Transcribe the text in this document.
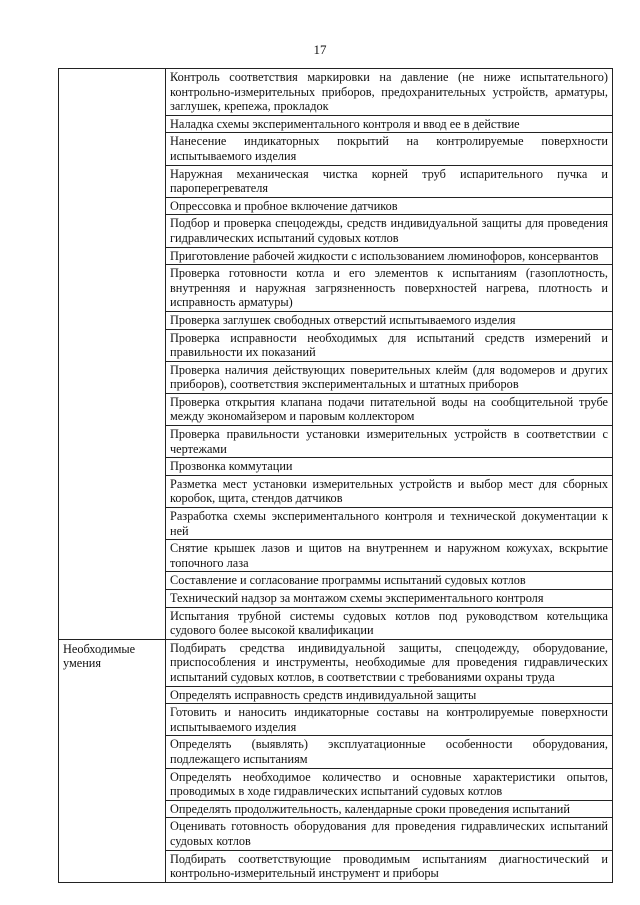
17
	Контроль соответствия маркировки на давление (не ниже испытательного) контрольно-измерительных приборов, предохранительных устройств, арматуры, заглушек, крепежа, прокладок
	Наладка схемы экспериментального контроля и ввод ее в действие
	Нанесение индикаторных покрытий на контролируемые поверхности испытываемого изделия
	Наружная механическая чистка корней труб испарительного пучка и пароперегревателя
	Опрессовка и пробное включение датчиков
	Подбор и проверка спецодежды, средств индивидуальной защиты для проведения гидравлических испытаний судовых котлов
	Приготовление рабочей жидкости с использованием люминофоров, консервантов
	Проверка готовности котла и его элементов к испытаниям (газоплотность, внутренняя и наружная загрязненность поверхностей нагрева, плотность и исправность арматуры)
	Проверка заглушек свободных отверстий испытываемого изделия
	Проверка исправности необходимых для испытаний средств измерений и правильности их показаний
	Проверка наличия действующих поверительных клейм (для водомеров и других приборов), соответствия экспериментальных и штатных приборов
	Проверка открытия клапана подачи питательной воды на сообщительной трубе между экономайзером и паровым коллектором
	Проверка правильности установки измерительных устройств в соответствии с чертежами
	Прозвонка коммутации
	Разметка мест установки измерительных устройств и выбор мест для сборных коробок, щита, стендов датчиков
	Разработка схемы экспериментального контроля и технической документации к ней
	Снятие крышек лазов и щитов на внутреннем и наружном кожухах, вскрытие топочного лаза
	Составление и согласование программы испытаний судовых котлов
	Технический надзор за монтажом схемы экспериментального контроля
	Испытания трубной системы судовых котлов под руководством котельщика судового более высокой квалификации
Необходимые умения	Подбирать средства индивидуальной защиты, спецодежду, оборудование, приспособления и инструменты, необходимые для проведения гидравлических испытаний судовых котлов, в соответствии с требованиями охраны труда
	Определять исправность средств индивидуальной защиты
	Готовить и наносить индикаторные составы на контролируемые поверхности испытываемого изделия
	Определять (выявлять) эксплуатационные особенности оборудования, подлежащего испытаниям
	Определять необходимое количество и основные характеристики опытов, проводимых в ходе гидравлических испытаний судовых котлов
	Определять продолжительность, календарные сроки проведения испытаний
	Оценивать готовность оборудования для проведения гидравлических испытаний судовых котлов
	Подбирать соответствующие проводимым испытаниям диагностический и контрольно-измерительный инструмент и приборы
